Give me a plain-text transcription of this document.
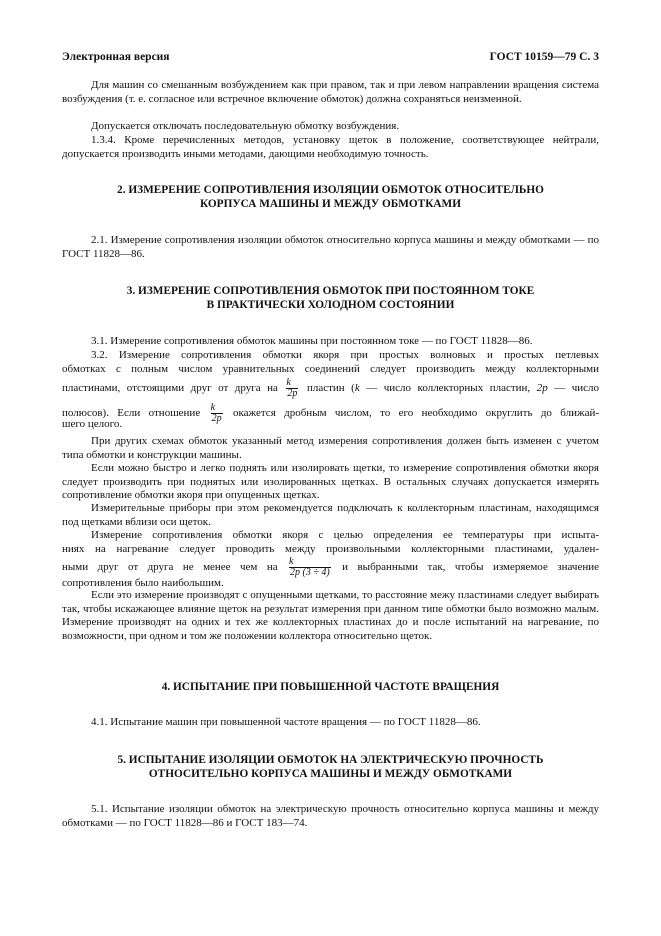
Электронная версия	ГОСТ 10159—79 С. 3

Для машин со смешанным возбуждением как при правом, так и при левом направлении вращения система возбуждения (т. е. согласное или встречное включение обмоток) должна сохраняться неизменной.

Допускается отключать последовательную обмотку возбуждения.

1.3.4. Кроме перечисленных методов, установку щеток в положение, соответствующее нейтрали, допускается производить иными методами, дающими необходимую точность.

2. ИЗМЕРЕНИЕ СОПРОТИВЛЕНИЯ ИЗОЛЯЦИИ ОБМОТОК ОТНОСИТЕЛЬНО
КОРПУСА МАШИНЫ И МЕЖДУ ОБМОТКАМИ

2.1. Измерение сопротивления изоляции обмоток относительно корпуса машины и между обмотками — по ГОСТ 11828—86.

3. ИЗМЕРЕНИЕ СОПРОТИВЛЕНИЯ ОБМОТОК ПРИ ПОСТОЯННОМ ТОКЕ
В ПРАКТИЧЕСКИ ХОЛОДНОМ СОСТОЯНИИ

3.1. Измерение сопротивления обмоток машины при постоянном токе — по ГОСТ 11828—86.

3.2. Измерение сопротивления обмотки якоря при простых волновых и простых петлевых
обмотках с полным числом уравнительных соединений следует производить между коллекторными
пластинами, отстоящими друг от друга на $\frac{k}{2p}$ пластин (k — число коллекторных пластин, 2p — число
полюсов). Если отношение $\frac{k}{2p}$ окажется дробным числом, то его необходимо округлить до ближай-
шего целого.

При других схемах обмоток указанный метод измерения сопротивления должен быть изменен с учетом типа обмотки и конструкции машины.

Если можно быстро и легко поднять или изолировать щетки, то измерение сопротивления обмотки якоря следует производить при поднятых или изолированных щетках. В остальных случаях допускается измерять сопротивление обмотки якоря при опущенных щетках.

Измерительные приборы при этом рекомендуется подключать к коллекторным пластинам, находящимся под щетками вблизи оси щеток.

Измерение сопротивления обмотки якоря с целью определения ее температуры при испыта-
ниях на нагревание следует проводить между произвольными коллекторными пластинами, удален-
ными друг от друга не менее чем на $\frac{k}{2p (3 \div 4)}$ и выбранными так, чтобы измеряемое значение
сопротивления было наибольшим.

Если это измерение производят с опущенными щетками, то расстояние межу пластинами следует выбирать так, чтобы искажающее влияние щеток на результат измерения при данном типе обмотки было возможно малым. Измерение производят на одних и тех же коллекторных пластинах до и после испытаний на нагревание, по возможности, при одном и том же положении коллектора относительно щеток.

4. ИСПЫТАНИЕ ПРИ ПОВЫШЕННОЙ ЧАСТОТЕ ВРАЩЕНИЯ

4.1. Испытание машин при повышенной частоте вращения — по ГОСТ 11828—86.

5. ИСПЫТАНИЕ ИЗОЛЯЦИИ ОБМОТОК НА ЭЛЕКТРИЧЕСКУЮ ПРОЧНОСТЬ
ОТНОСИТЕЛЬНО КОРПУСА МАШИНЫ И МЕЖДУ ОБМОТКАМИ

5.1. Испытание изоляции обмоток на электрическую прочность относительно корпуса машины и между обмотками — по ГОСТ 11828—86 и ГОСТ 183—74.
